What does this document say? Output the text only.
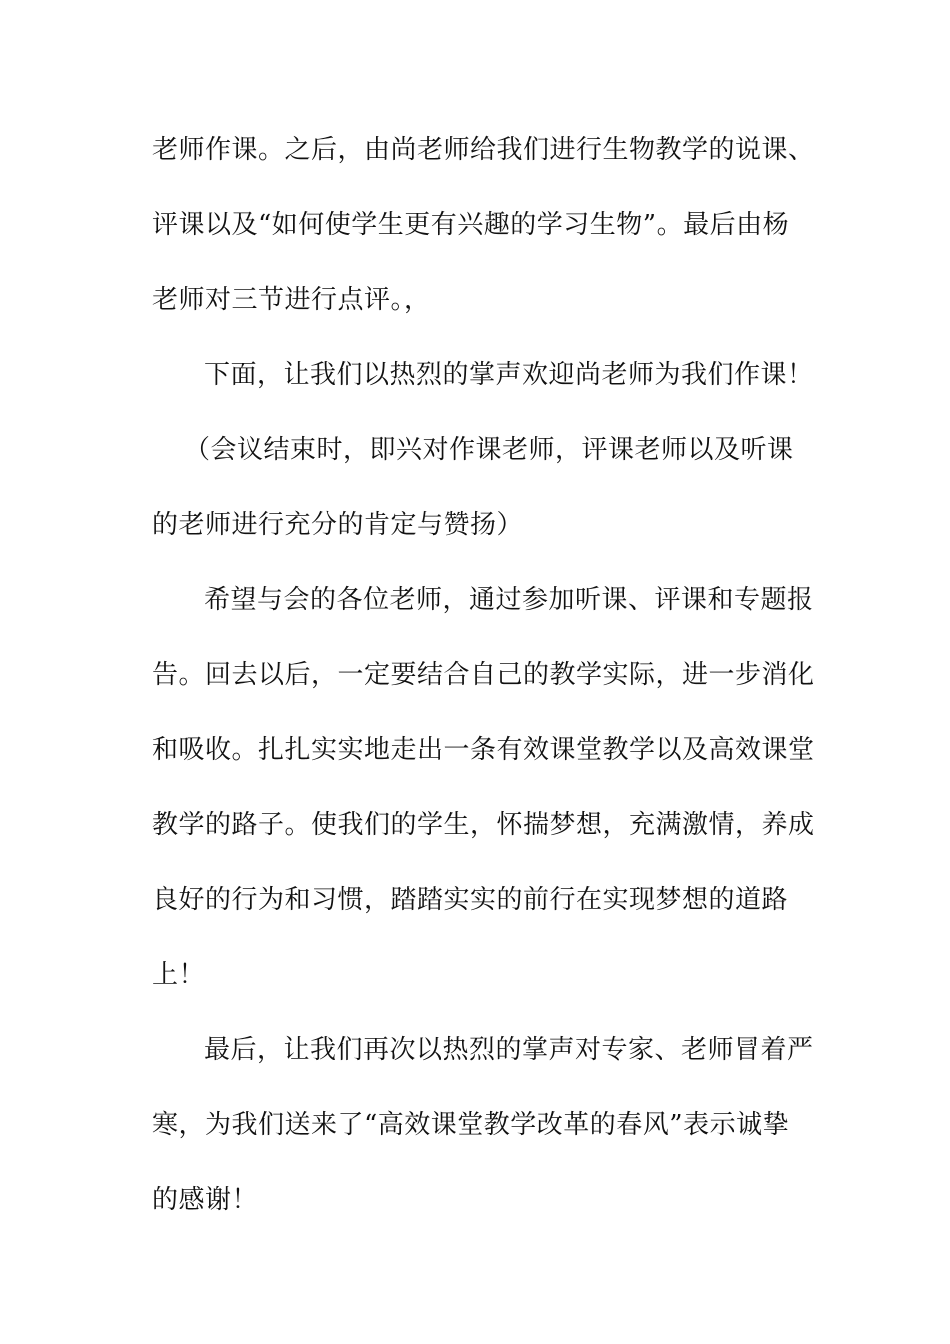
老师作课。之后，由尚老师给我们进行生物教学的说课、
评课以及“如何使学生更有兴趣的学习生物”。最后由杨
老师对三节进行点评。，
下面，让我们以热烈的掌声欢迎尚老师为我们作课！
（会议结束时，即兴对作课老师，评课老师以及听课
的老师进行充分的肯定与赞扬）
希望与会的各位老师，通过参加听课、评课和专题报
告。回去以后，一定要结合自己的教学实际，进一步消化
和吸收。扎扎实实地走出一条有效课堂教学以及高效课堂
教学的路子。使我们的学生，怀揣梦想，充满激情，养成
良好的行为和习惯，踏踏实实的前行在实现梦想的道路
上！
最后，让我们再次以热烈的掌声对专家、老师冒着严
寒，为我们送来了“高效课堂教学改革的春风”表示诚挚
的感谢！
